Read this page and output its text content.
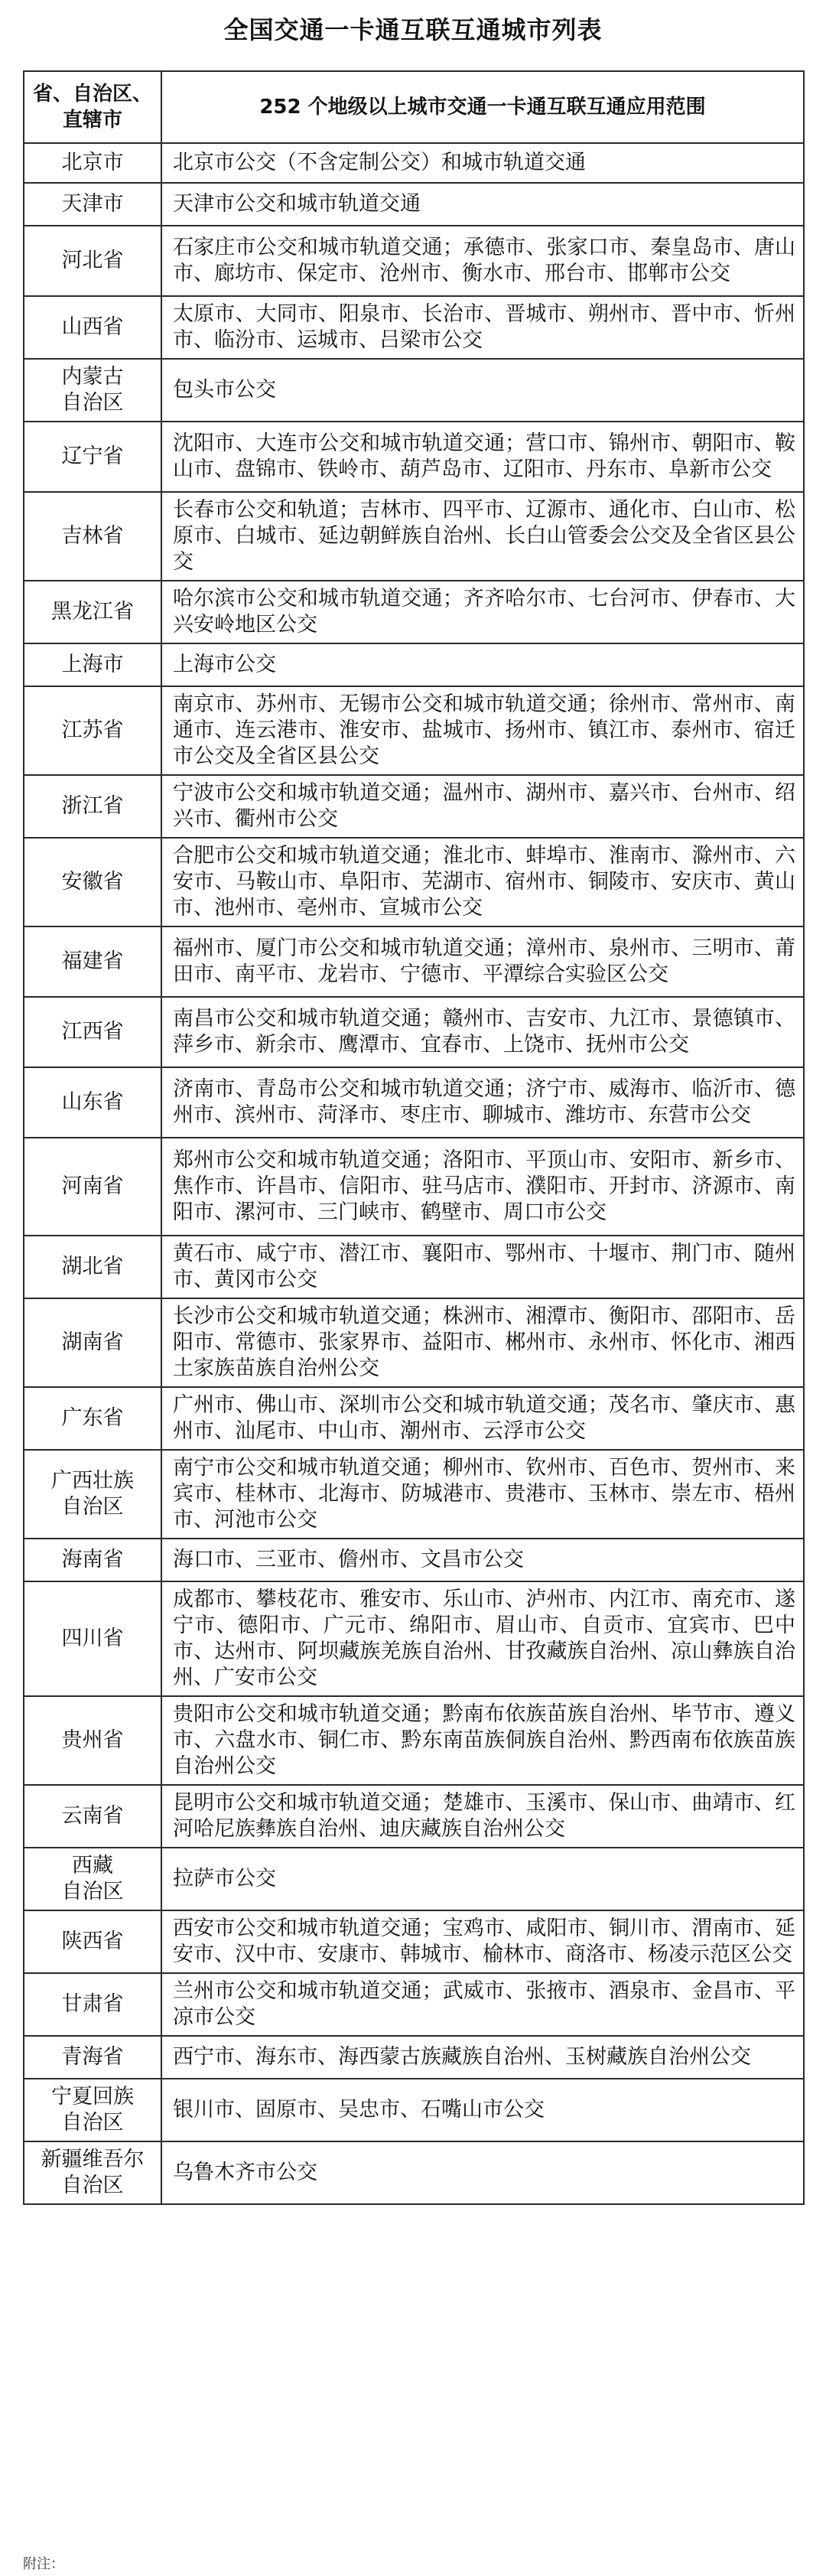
全国交通一卡通互联互通城市列表
省、自治区、
直辖市	252 个地级以上城市交通一卡通互联互通应用范围
北京市	北京市公交（不含定制公交）和城市轨道交通
天津市	天津市公交和城市轨道交通
河北省	石家庄市公交和城市轨道交通；承德市、张家口市、秦皇岛市、唐山市、廊坊市、保定市、沧州市、衡水市、邢台市、邯郸市公交
山西省	太原市、大同市、阳泉市、长治市、晋城市、朔州市、晋中市、忻州市、临汾市、运城市、吕梁市公交
内蒙古
自治区	包头市公交
辽宁省	沈阳市、大连市公交和城市轨道交通；营口市、锦州市、朝阳市、鞍山市、盘锦市、铁岭市、葫芦岛市、辽阳市、丹东市、阜新市公交
吉林省	长春市公交和轨道；吉林市、四平市、辽源市、通化市、白山市、松原市、白城市、延边朝鲜族自治州、长白山管委会公交及全省区县公交
黑龙江省	哈尔滨市公交和城市轨道交通；齐齐哈尔市、七台河市、伊春市、大兴安岭地区公交
上海市	上海市公交
江苏省	南京市、苏州市、无锡市公交和城市轨道交通；徐州市、常州市、南通市、连云港市、淮安市、盐城市、扬州市、镇江市、泰州市、宿迁市公交及全省区县公交
浙江省	宁波市公交和城市轨道交通；温州市、湖州市、嘉兴市、台州市、绍兴市、衢州市公交
安徽省	合肥市公交和城市轨道交通；淮北市、蚌埠市、淮南市、滁州市、六安市、马鞍山市、阜阳市、芜湖市、宿州市、铜陵市、安庆市、黄山市、池州市、亳州市、宣城市公交
福建省	福州市、厦门市公交和城市轨道交通；漳州市、泉州市、三明市、莆田市、南平市、龙岩市、宁德市、平潭综合实验区公交
江西省	南昌市公交和城市轨道交通；赣州市、吉安市、九江市、景德镇市、萍乡市、新余市、鹰潭市、宜春市、上饶市、抚州市公交
山东省	济南市、青岛市公交和城市轨道交通；济宁市、威海市、临沂市、德州市、滨州市、菏泽市、枣庄市、聊城市、潍坊市、东营市公交
河南省	郑州市公交和城市轨道交通；洛阳市、平顶山市、安阳市、新乡市、焦作市、许昌市、信阳市、驻马店市、濮阳市、开封市、济源市、南阳市、漯河市、三门峡市、鹤壁市、周口市公交
湖北省	黄石市、咸宁市、潜江市、襄阳市、鄂州市、十堰市、荆门市、随州市、黄冈市公交
湖南省	长沙市公交和城市轨道交通；株洲市、湘潭市、衡阳市、邵阳市、岳阳市、常德市、张家界市、益阳市、郴州市、永州市、怀化市、湘西土家族苗族自治州公交
广东省	广州市、佛山市、深圳市公交和城市轨道交通；茂名市、肇庆市、惠州市、汕尾市、中山市、潮州市、云浮市公交
广西壮族
自治区	南宁市公交和城市轨道交通；柳州市、钦州市、百色市、贺州市、来宾市、桂林市、北海市、防城港市、贵港市、玉林市、崇左市、梧州市、河池市公交
海南省	海口市、三亚市、儋州市、文昌市公交
四川省	成都市、攀枝花市、雅安市、乐山市、泸州市、内江市、南充市、遂宁市、德阳市、广元市、绵阳市、眉山市、自贡市、宜宾市、巴中市、达州市、阿坝藏族羌族自治州、甘孜藏族自治州、凉山彝族自治州、广安市公交
贵州省	贵阳市公交和城市轨道交通；黔南布依族苗族自治州、毕节市、遵义市、六盘水市、铜仁市、黔东南苗族侗族自治州、黔西南布依族苗族自治州公交
云南省	昆明市公交和城市轨道交通；楚雄市、玉溪市、保山市、曲靖市、红河哈尼族彝族自治州、迪庆藏族自治州公交
西藏
自治区	拉萨市公交
陕西省	西安市公交和城市轨道交通；宝鸡市、咸阳市、铜川市、渭南市、延安市、汉中市、安康市、韩城市、榆林市、商洛市、杨凌示范区公交
甘肃省	兰州市公交和城市轨道交通；武威市、张掖市、酒泉市、金昌市、平凉市公交
青海省	西宁市、海东市、海西蒙古族藏族自治州、玉树藏族自治州公交
宁夏回族
自治区	银川市、固原市、吴忠市、石嘴山市公交
新疆维吾尔
自治区	乌鲁木齐市公交
附注：
